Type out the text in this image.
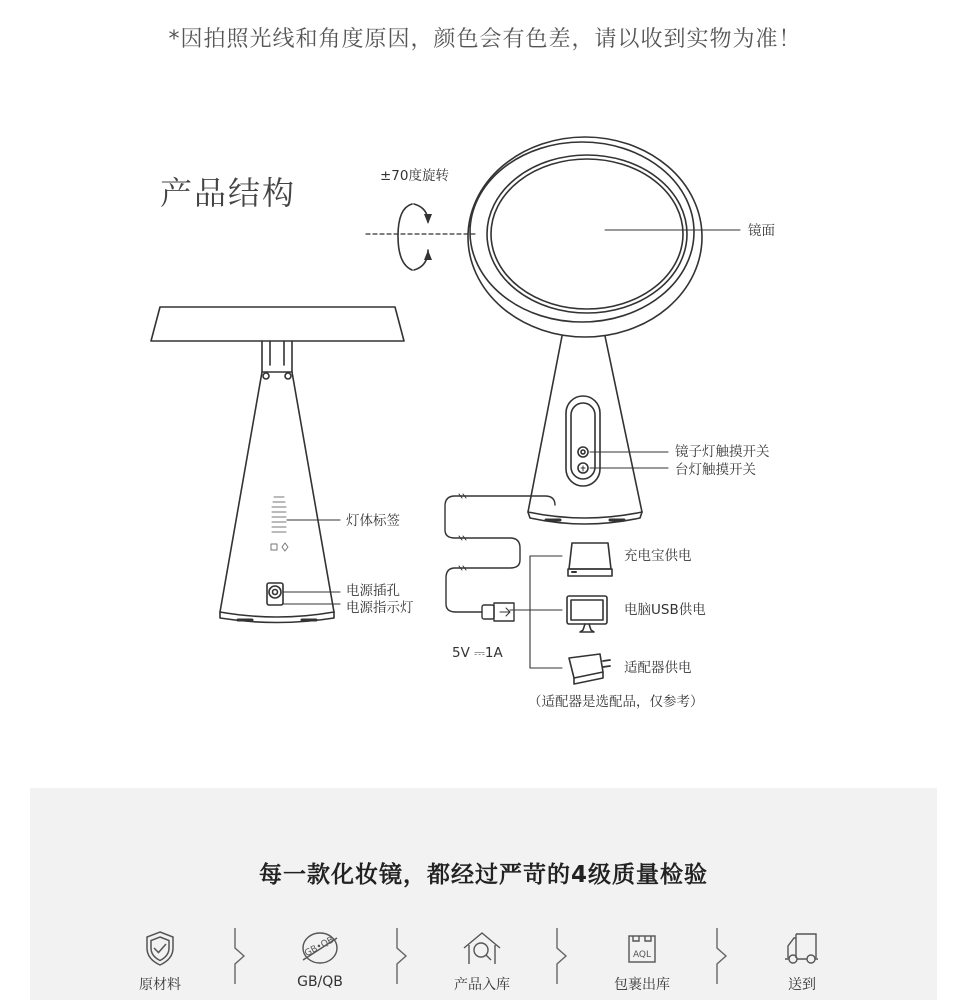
*因拍照光线和角度原因，颜色会有色差，请以收到实物为准！
产品结构	±70度旋转
镜面
镜子灯触摸开关
台灯触摸开关
灯体标签
电源插孔
电源指示灯
充电宝供电
电脑USB供电
适配器供电
（适配器是选配品，仅参考）
5V ⎓1A
每一款化妆镜，都经过严苛的4级质量检验
原材料
GB•QB
GB/QB	产品入库
AQL
包裹出库	送到
